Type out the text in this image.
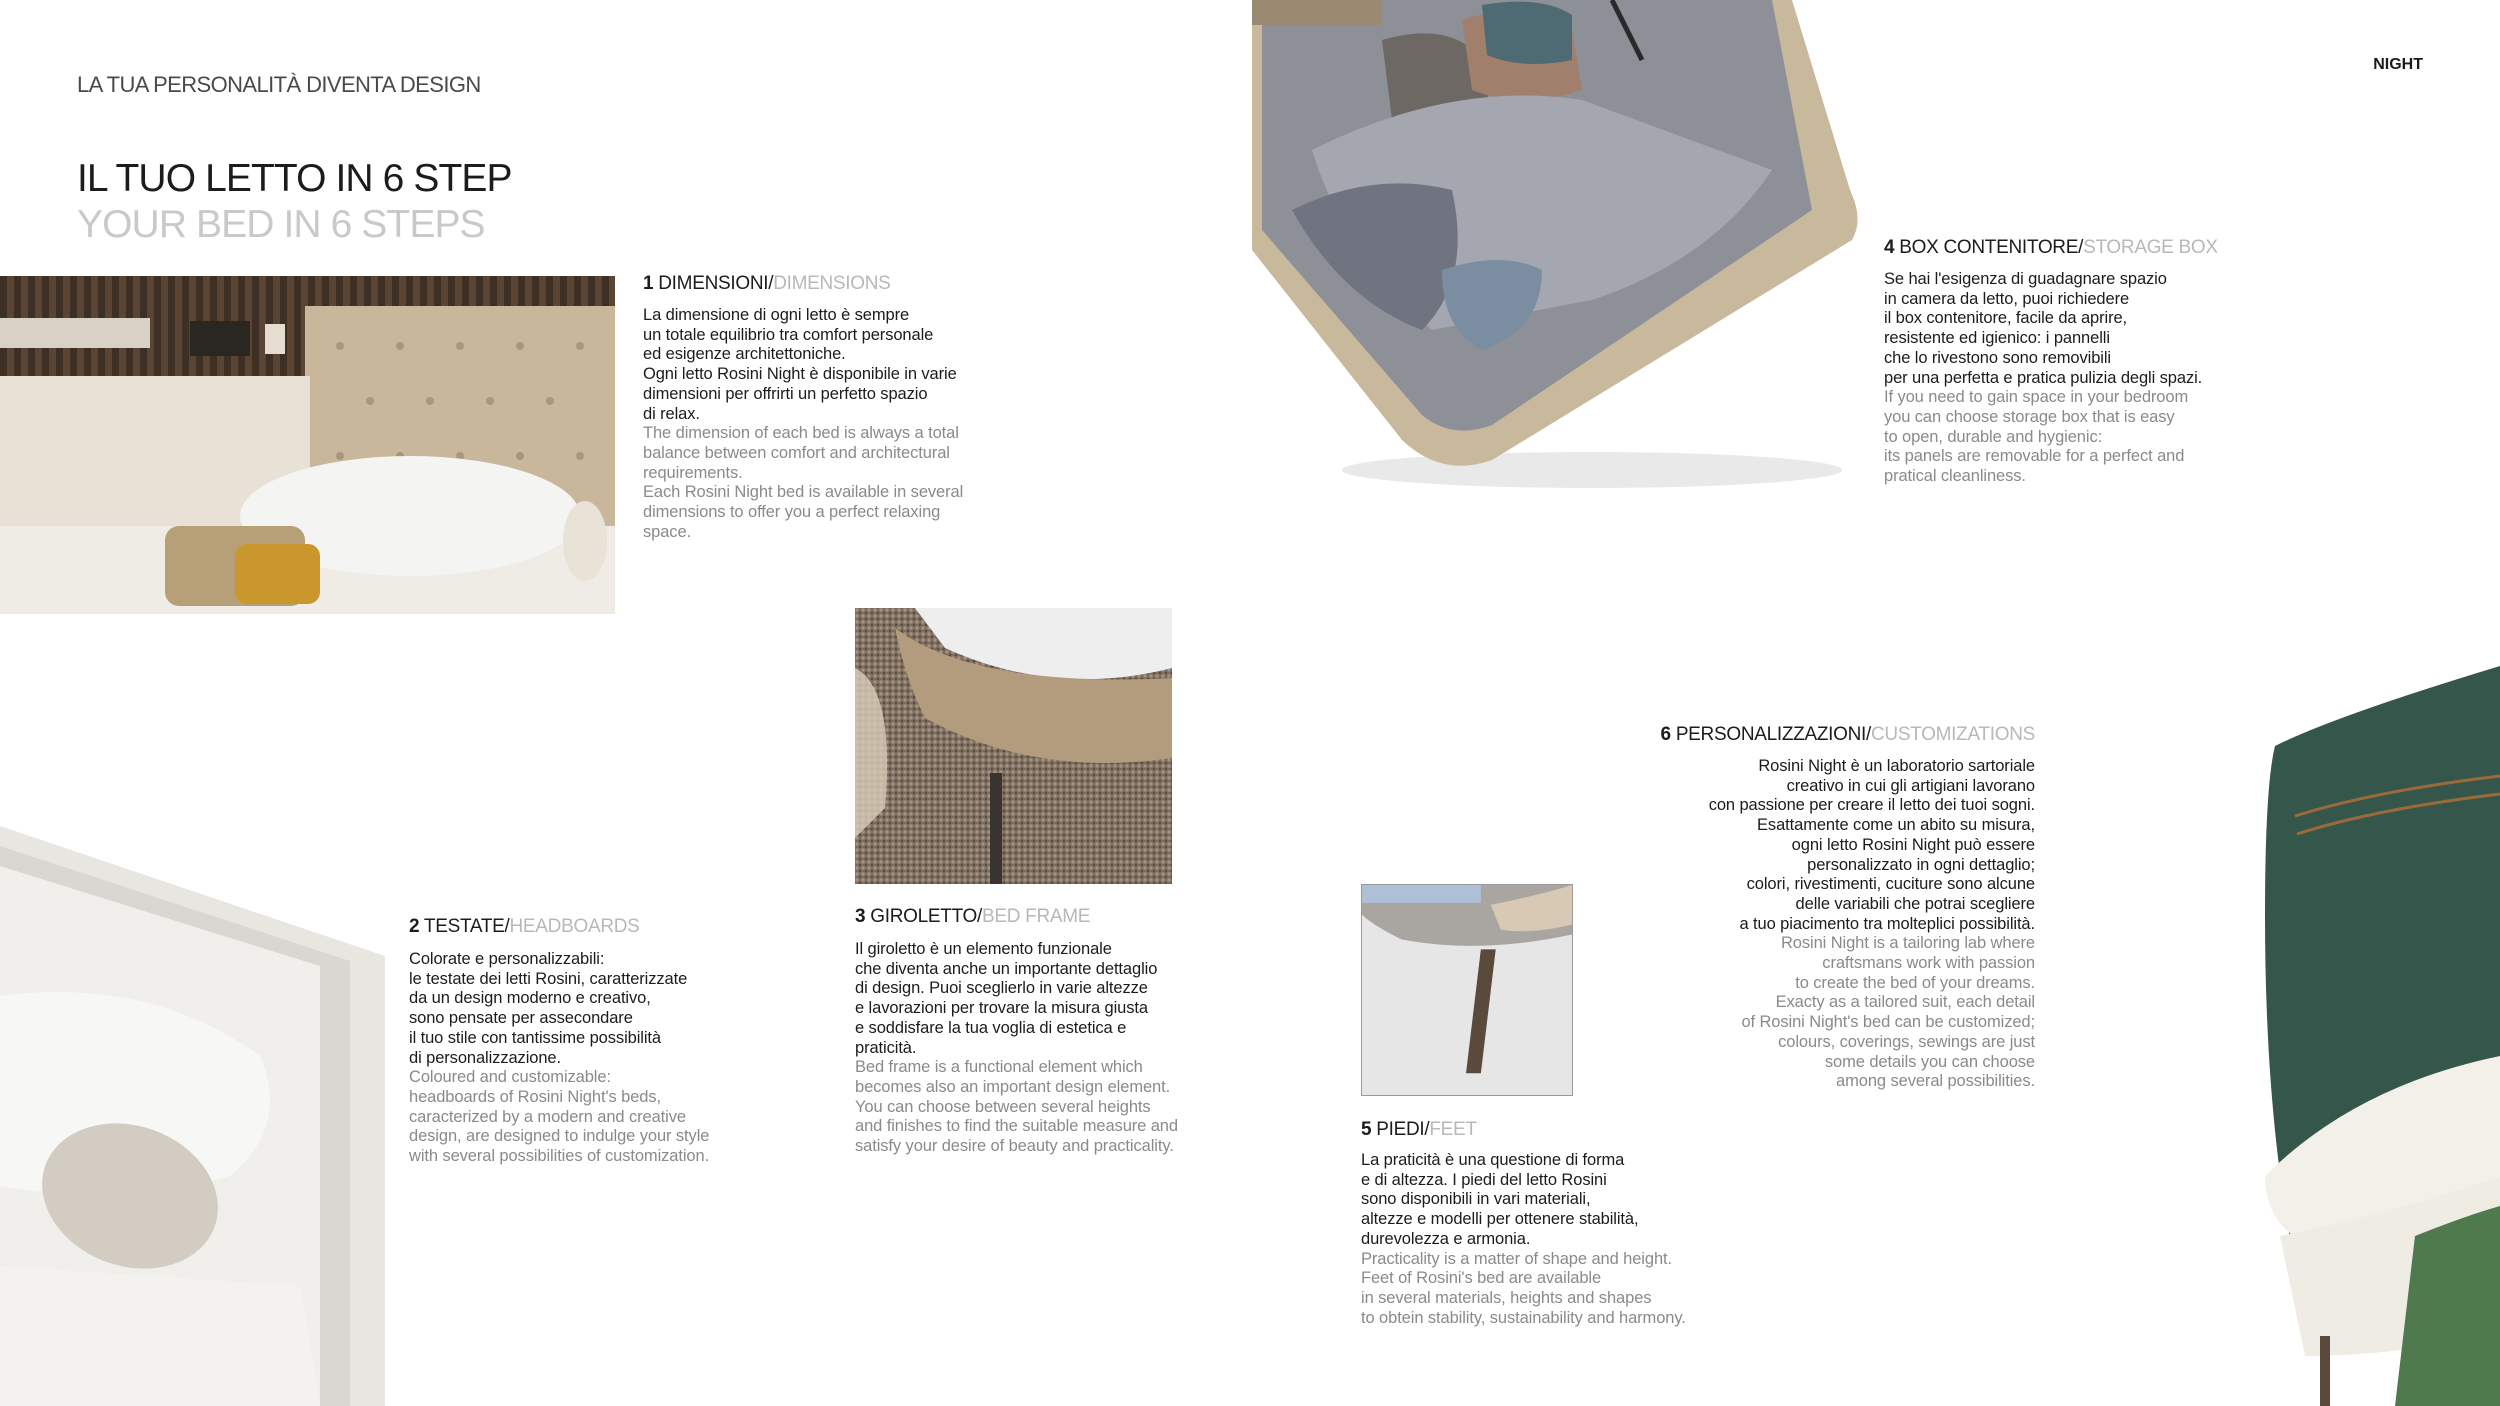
LA TUA PERSONALITÀ DIVENTA DESIGN
IL TUO LETTO IN 6 STEP
YOUR BED IN 6 STEPS
NIGHT
1 DIMENSIONI/DIMENSIONS
La dimensione di ogni letto è sempre
un totale equilibrio tra comfort personale
ed esigenze architettoniche.
Ogni letto Rosini Night è disponibile in varie
dimensioni per offrirti un perfetto spazio
di relax.
The dimension of each bed is always a total
balance between comfort and architectural
requirements.
Each Rosini Night bed is available in several
dimensions to offer you a perfect relaxing
space.
2 TESTATE/HEADBOARDS
Colorate e personalizzabili:
le testate dei letti Rosini, caratterizzate
da un design moderno e creativo,
sono pensate per assecondare
il tuo stile con tantissime possibilità
di personalizzazione.
Coloured and customizable:
headboards of Rosini Night's beds,
caracterized by a modern and creative
design, are designed to indulge your style
with several possibilities of customization.
3 GIROLETTO/BED FRAME
Il giroletto è un elemento funzionale
che diventa anche un importante dettaglio
di design. Puoi sceglierlo in varie altezze
e lavorazioni per trovare la misura giusta
e soddisfare la tua voglia di estetica e
praticità.
Bed frame is a functional element which
becomes also an important design element.
You can choose between several heights
and finishes to find the suitable measure and
satisfy your desire of beauty and practicality.
4 BOX CONTENITORE/STORAGE BOX
Se hai l'esigenza di guadagnare spazio
in camera da letto, puoi richiedere
il box contenitore, facile da aprire,
resistente ed igienico: i pannelli
che lo rivestono sono removibili
per una perfetta e pratica pulizia degli spazi.
If you need to gain space in your bedroom
you can choose storage box that is easy
to open, durable and hygienic:
its panels are removable for a perfect and
pratical cleanliness.
5 PIEDI/FEET
La praticità è una questione di forma
e di altezza. I piedi del letto Rosini
sono disponibili in vari materiali,
altezze e modelli per ottenere stabilità,
durevolezza e armonia.
Practicality is a matter of shape and height.
Feet of Rosini's bed are available
in several materials, heights and shapes
to obtein stability, sustainability and harmony.
6 PERSONALIZZAZIONI/CUSTOMIZATIONS
Rosini Night è un laboratorio sartoriale
creativo in cui gli artigiani lavorano
con passione per creare il letto dei tuoi sogni.
Esattamente come un abito su misura,
ogni letto Rosini Night può essere
personalizzato in ogni dettaglio;
colori, rivestimenti, cuciture sono alcune
delle variabili che potrai scegliere
a tuo piacimento tra molteplici possibilità.
Rosini Night is a tailoring lab where
craftsmans work with passion
to create the bed of your dreams.
Exacty as a tailored suit, each detail
of Rosini Night's bed can be customized;
colours, coverings, sewings are just
some details you can choose
among several possibilities.
